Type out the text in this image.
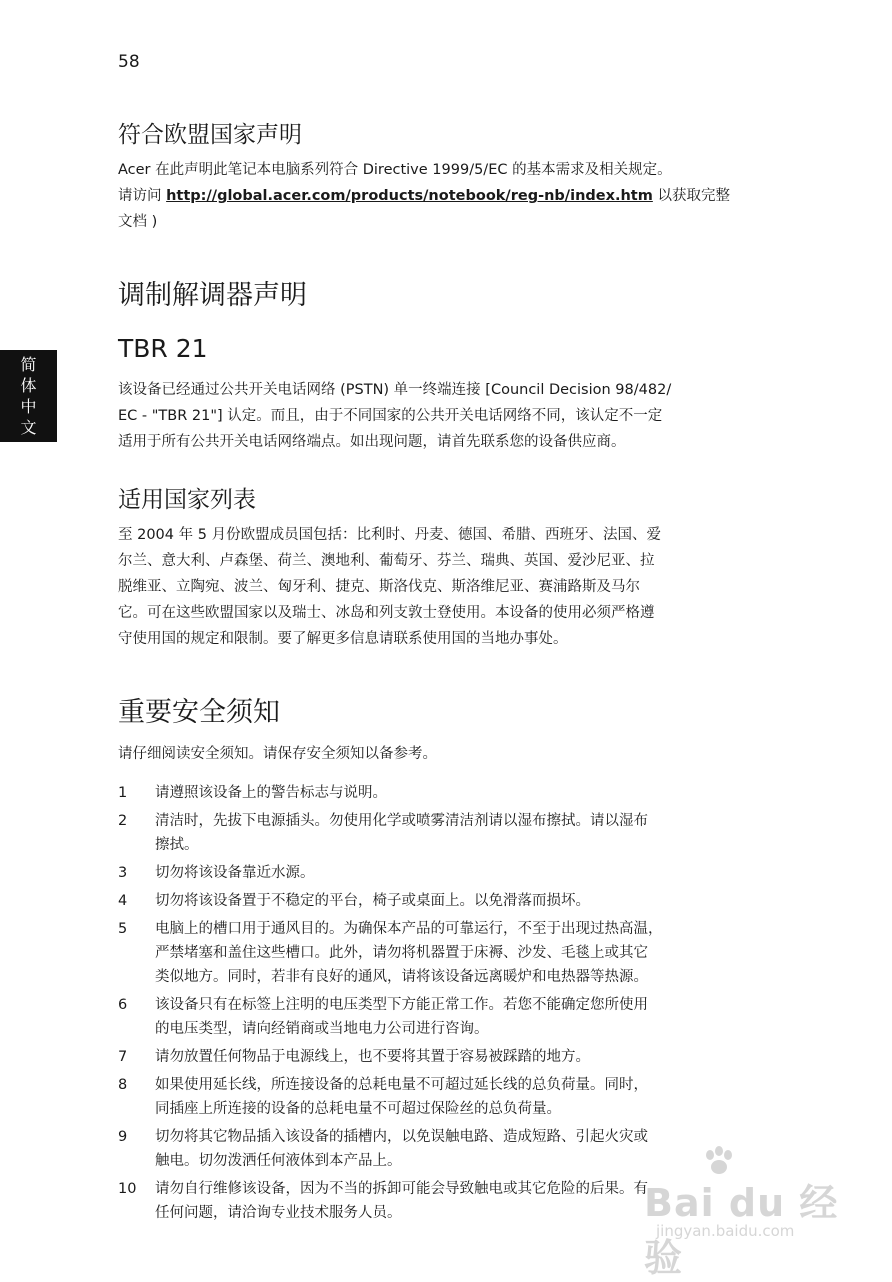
58
简
体
中
文
符合欧盟国家声明

Acer 在此声明此笔记本电脑系列符合 Directive 1999/5/EC 的基本需求及相关规定。
请访问 http://global.acer.com/products/notebook/reg-nb/index.htm 以获取完整
文档 )

调制解调器声明
TBR 21

该设备已经通过公共开关电话网络 (PSTN) 单一终端连接 [Council Decision 98/482/
EC - "TBR 21"] 认定。而且，由于不同国家的公共开关电话网络不同，该认定不一定
适用于所有公共开关电话网络端点。如出现问题，请首先联系您的设备供应商。

适用国家列表

至 2004 年 5 月份欧盟成员国包括：比利时、丹麦、德国、希腊、西班牙、法国、爱
尔兰、意大利、卢森堡、荷兰、澳地利、葡萄牙、芬兰、瑞典、英国、爱沙尼亚、拉
脱维亚、立陶宛、波兰、匈牙利、捷克、斯洛伐克、斯洛维尼亚、赛浦路斯及马尔
它。可在这些欧盟国家以及瑞士、冰岛和列支敦士登使用。本设备的使用必须严格遵
守使用国的规定和限制。要了解更多信息请联系使用国的当地办事处。

重要安全须知

请仔细阅读安全须知。请保存安全须知以备参考。

1	请遵照该设备上的警告标志与说明。
2	清洁时，先拔下电源插头。勿使用化学或喷雾清洁剂请以湿布擦拭。请以湿布
擦拭。
3	切勿将该设备靠近水源。
4	切勿将该设备置于不稳定的平台，椅子或桌面上。以免滑落而损坏。
5	电脑上的槽口用于通风目的。为确保本产品的可靠运行，不至于出现过热高温，
严禁堵塞和盖住这些槽口。此外，请勿将机器置于床褥、沙发、毛毯上或其它
类似地方。同时，若非有良好的通风，请将该设备远离暖炉和电热器等热源。
6	该设备只有在标签上注明的电压类型下方能正常工作。若您不能确定您所使用
的电压类型，请向经销商或当地电力公司进行咨询。
7	请勿放置任何物品于电源线上，也不要将其置于容易被踩踏的地方。
8	如果使用延长线，所连接设备的总耗电量不可超过延长线的总负荷量。同时，
同插座上所连接的设备的总耗电量不可超过保险丝的总负荷量。
9	切勿将其它物品插入该设备的插槽内，以免误触电路、造成短路、引起火灾或
触电。切勿泼洒任何液体到本产品上。
10	请勿自行维修该设备，因为不当的拆卸可能会导致触电或其它危险的后果。有
任何问题，请洽询专业技术服务人员。	Bai du 经验
jingyan.baidu.com
